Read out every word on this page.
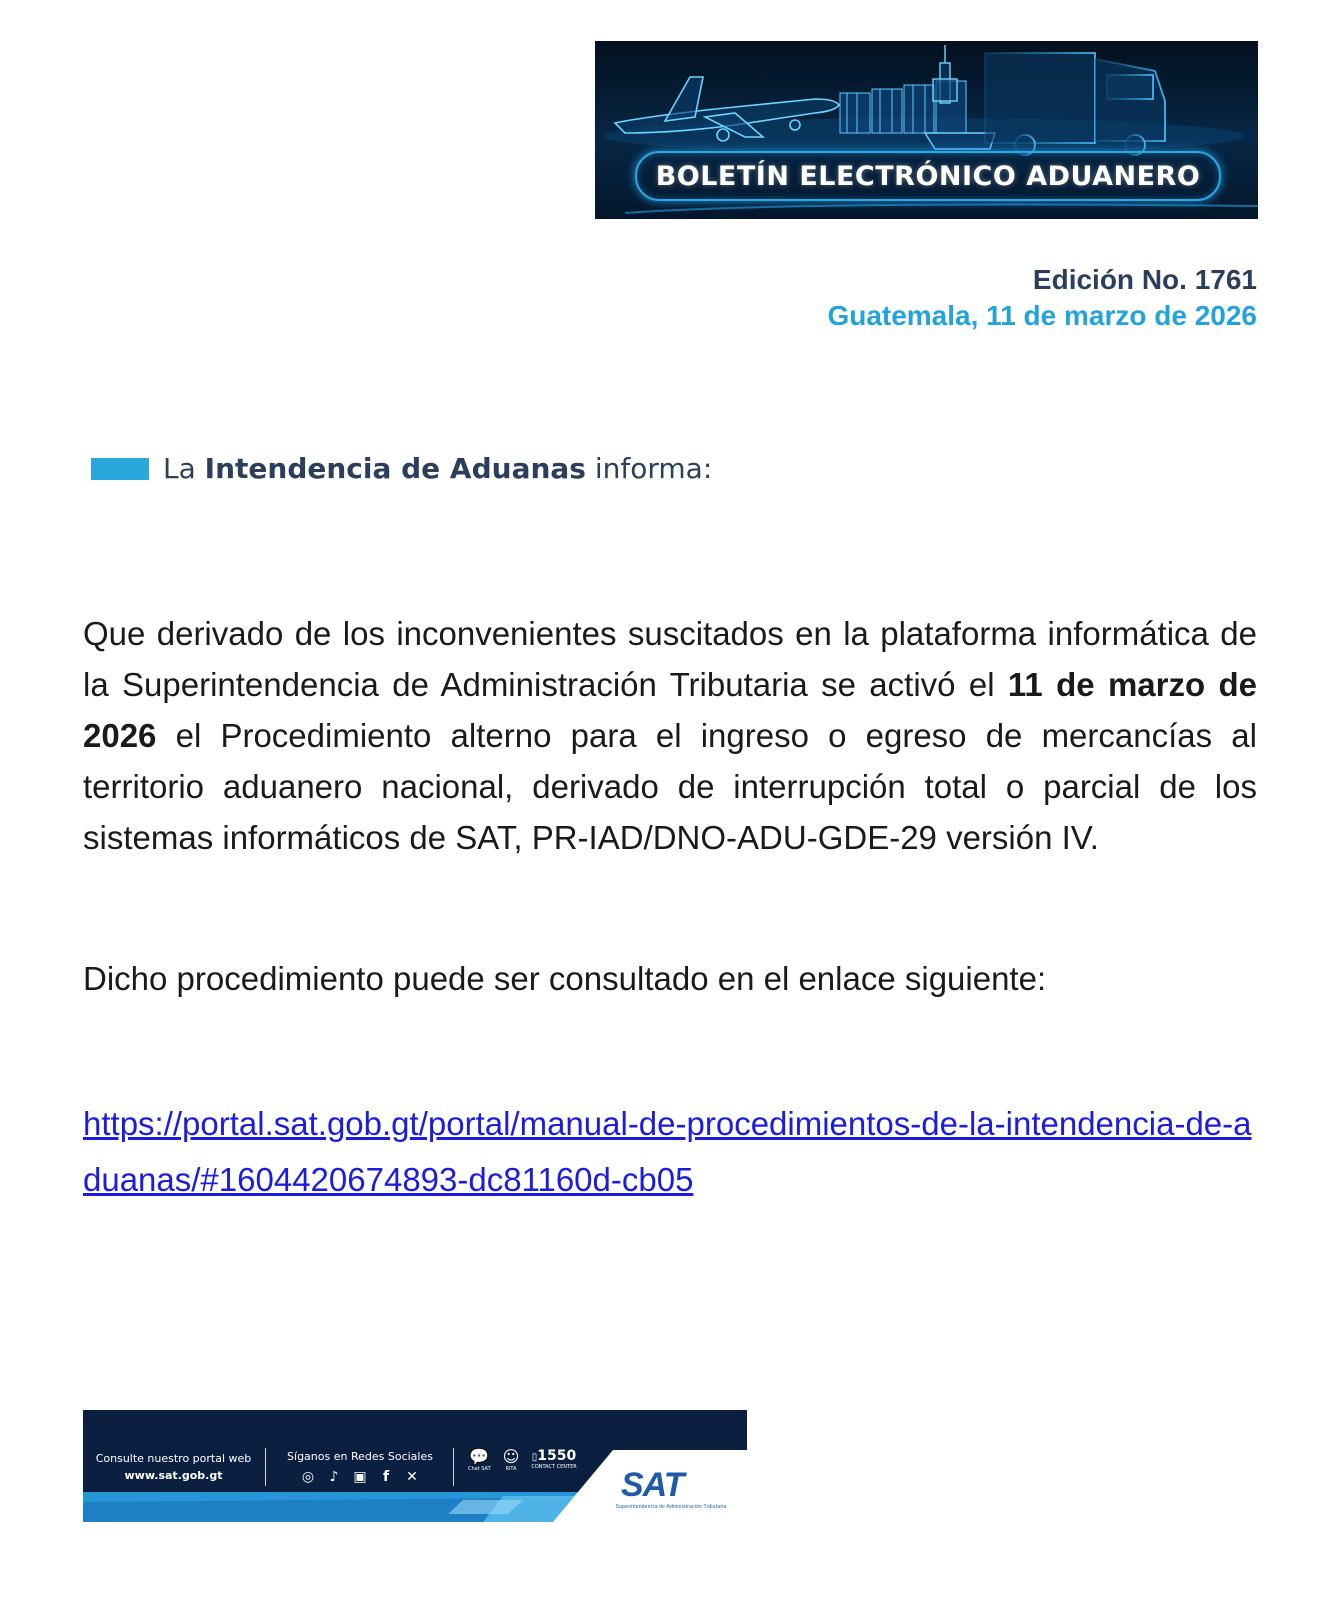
BOLETÍN ELECTRÓNICO ADUANERO
Edición No. 1761
Guatemala, 11 de marzo de 2026
La Intendencia de Aduanas informa:
Que derivado de los inconvenientes suscitados en la plataforma informática de la Superintendencia de Administración Tributaria se activó el 11 de marzo de 2026 el Procedimiento alterno para el ingreso o egreso de mercancías al territorio aduanero nacional, derivado de interrupción total o parcial de los sistemas informáticos de SAT, PR-IAD/DNO-ADU-GDE-29 versión IV.
Dicho procedimiento puede ser consultado en el enlace siguiente:
https://portal.sat.gob.gt/portal/manual-de-procedimientos-de-la-intendencia-de-aduanas/#1604420674893-dc81160d-cb05
Consulte nuestro portal web
www.sat.gob.gt
Síganos en Redes Sociales
◎	♪	▣	f	✕
💬
Chat SAT
☺
RITA
▯1550
CONTACT CENTER SAT
Superintendencia de Administración Tributaria
